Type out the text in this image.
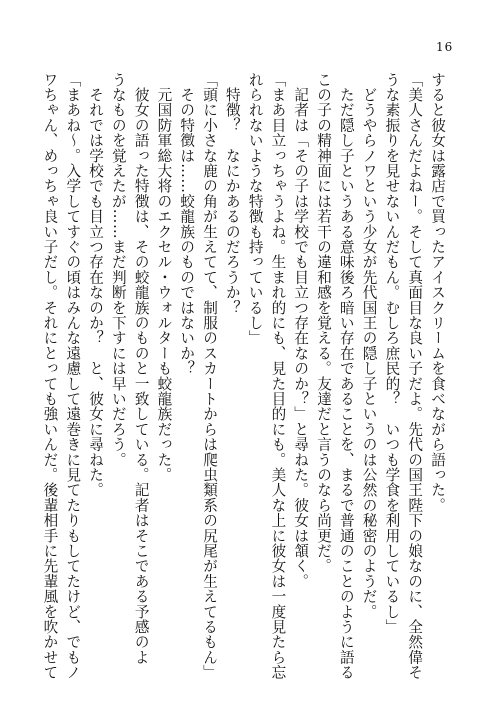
16
すると彼女は露店で買ったアイスクリームを食べながら語った。
「美人さんだよねー。そして真面目な良い子だよ。先代の国王陛下の娘なのに、全然偉そ
うな素振りを見せないんだもん。むしろ庶民的？　いつも学食を利用しているし」
　どうやらノワという少女が先代国王の隠し子というのは公然の秘密のようだ。
　ただ隠し子というある意味後ろ暗い存在であることを、まるで普通のことのように語る
この子の精神面には若干の違和感を覚える。友達だと言うのなら尚更だ。
　記者は「その子は学校でも目立つ存在なのか？」と尋ねた。彼女は頷く。
「まあ目立っちゃうよね。生まれ的にも、見た目的にも。美人な上に彼女は一度見たら忘
れられないような特徴も持っているし」
　特徴？　なにかあるのだろうか？
「頭に小さな鹿の角が生えてて、制服のスカートからは爬虫類系の尻尾が生えてるもん」
　その特徴は……蛟龍族のものではないか？
　元国防軍総大将のエクセル・ウォルターも蛟龍族だった。
　彼女の語った特徴は、その蛟龍族のものと一致している。記者はそこである予感のよ
うなものを覚えたが……まだ判断を下すには早いだろう。
　それでは学校でも目立つ存在なのか？　と、彼女に尋ねた。
「まあね〜。入学してすぐの頃はみんな遠慮して遠巻きに見てたりもしてたけど、でもノ
ワちゃん、めっちゃ良い子だし。それにとっても強いんだ。後輩相手に先輩風を吹かせて
